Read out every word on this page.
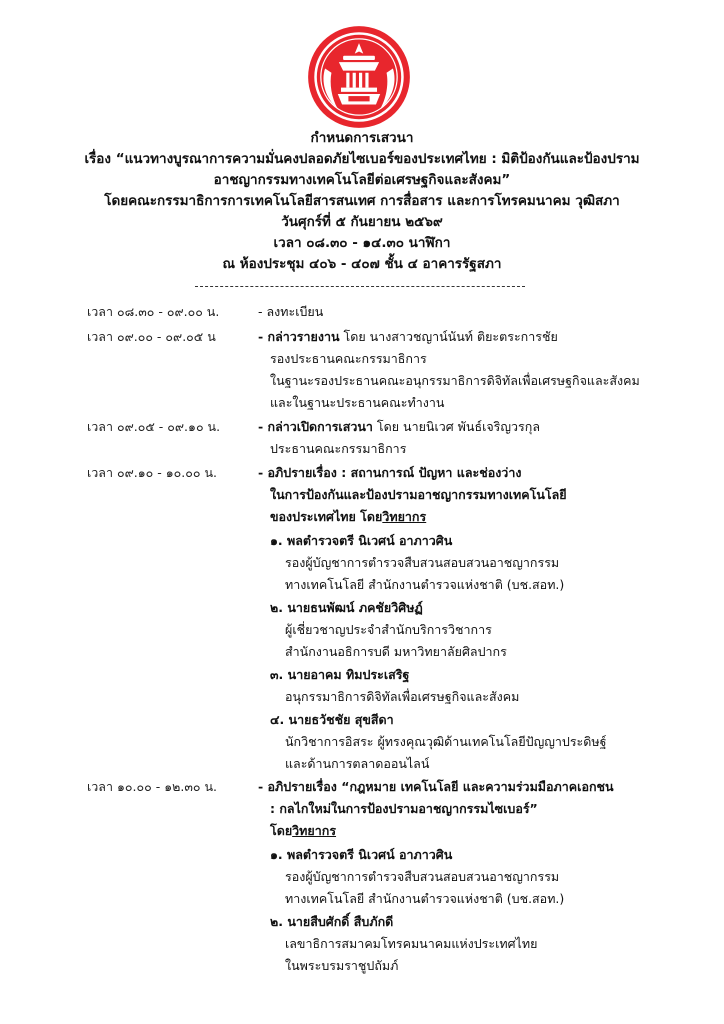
กำหนดการเสวนา
เรื่อง “แนวทางบูรณาการความมั่นคงปลอดภัยไซเบอร์ของประเทศไทย : มิติป้องกันและป้องปราม
อาชญากรรมทางเทคโนโลยีต่อเศรษฐกิจและสังคม”
โดยคณะกรรมาธิการการเทคโนโลยีสารสนเทศ การสื่อสาร และการโทรคมนาคม วุฒิสภา
วันศุกร์ที่ ๕ กันยายน ๒๕๖๙
เวลา ๐๘.๓๐ - ๑๔.๓๐ นาฬิกา
ณ ห้องประชุม ๔๐๖ - ๔๐๗ ชั้น ๔ อาคารรัฐสภา
เวลา ๐๘.๓๐ - ๐๙.๐๐ น.	- ลงทะเบียน
เวลา ๐๙.๐๐ - ๐๙.๐๕ น	- กล่าวรายงาน โดย นางสาวชญาน์นันท์ ติยะตระการชัย
รองประธานคณะกรรมาธิการ
ในฐานะรองประธานคณะอนุกรรมาธิการดิจิทัลเพื่อเศรษฐกิจและสังคม
และในฐานะประธานคณะทำงาน
เวลา ๐๙.๐๕ - ๐๙.๑๐ น.	- กล่าวเปิดการเสวนา โดย นายนิเวศ พันธ์เจริญวรกุล
ประธานคณะกรรมาธิการ
เวลา ๐๙.๑๐ - ๑๐.๐๐ น.	- อภิปรายเรื่อง : สถานการณ์ ปัญหา และช่องว่าง
ในการป้องกันและป้องปรามอาชญากรรมทางเทคโนโลยี
ของประเทศไทย โดยวิทยากร
๑. พลตำรวจตรี นิเวศน์ อาภาวศิน
รองผู้บัญชาการตำรวจสืบสวนสอบสวนอาชญากรรม
ทางเทคโนโลยี สำนักงานตำรวจแห่งชาติ (บช.สอท.)
๒. นายธนพัฒน์ ภคชัยวิศิษฏ์
ผู้เชี่ยวชาญประจำสำนักบริการวิชาการ
สำนักงานอธิการบดี มหาวิทยาลัยศิลปากร
๓. นายอาคม ทิมประเสริฐ
อนุกรรมาธิการดิจิทัลเพื่อเศรษฐกิจและสังคม
๔. นายธวัชชัย สุขสีดา
นักวิชาการอิสระ ผู้ทรงคุณวุฒิด้านเทคโนโลยีปัญญาประดิษฐ์
และด้านการตลาดออนไลน์
เวลา ๑๐.๐๐ - ๑๒.๓๐ น.	- อภิปรายเรื่อง “กฎหมาย เทคโนโลยี และความร่วมมือภาคเอกชน
: กลไกใหม่ในการป้องปรามอาชญากรรมไซเบอร์”
โดยวิทยากร
๑. พลตำรวจตรี นิเวศน์ อาภาวศิน
รองผู้บัญชาการตำรวจสืบสวนสอบสวนอาชญากรรม
ทางเทคโนโลยี สำนักงานตำรวจแห่งชาติ (บช.สอท.)
๒. นายสืบศักดิ์ สืบภักดี
เลขาธิการสมาคมโทรคมนาคมแห่งประเทศไทย
ในพระบรมราชูปถัมภ์
